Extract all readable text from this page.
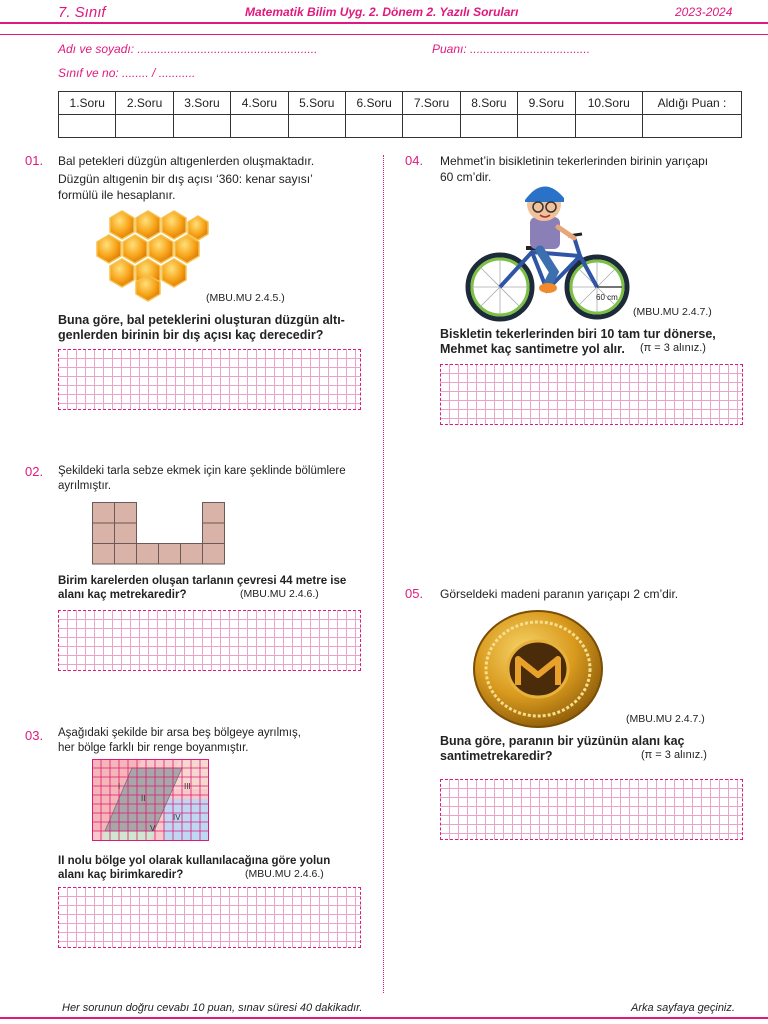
7. Sınıf	Matematik Bilim Uyg. 2. Dönem 2. Yazılı Soruları	2023-2024
Adı ve soyadı: ......................................................	Puanı: ....................................
Sınıf ve no: ........ / ...........
1.Soru	2.Soru	3.Soru	4.Soru	5.Soru	6.Soru	7.Soru	8.Soru	9.Soru	10.Soru	Aldığı Puan :

01. Bal petekleri düzgün altıgenlerden oluşmaktadır.
Düzgün altıgenin bir dış açısı ‘360: kenar sayısı’
formülü ile hesaplanır.
(MBU.MU 2.4.5.)
Buna göre, bal peteklerini oluşturan düzgün altı-
genlerden birinin bir dış açısı kaç derecedir?
02. Şekildeki tarla sebze ekmek için kare şeklinde bölümlere
ayrılmıştır.
Birim karelerden oluşan tarlanın çevresi 44 metre ise
alanı kaç metrekaredir?	(MBU.MU 2.4.6.)
03. Aşağıdaki şekilde bir arsa beş bölgeye ayrılmış,
her bölge farklı bir renge boyanmıştır.
I
II
III
IV
V
II nolu bölge yol olarak kullanılacağına göre yolun
alanı kaç birimkaredir?	(MBU.MU 2.4.6.)
04. Mehmet’in bisikletinin tekerlerinden birinin yarıçapı
60 cm’dir.
60 cm
(MBU.MU 2.4.7.)
Biskletin tekerlerinden biri 10 tam tur dönerse,
Mehmet kaç santimetre yol alır. (π = 3 alınız.)
05. Görseldeki madeni paranın yarıçapı 2 cm’dir.
(MBU.MU 2.4.7.)
Buna göre, paranın bir yüzünün alanı kaç
santimetrekaredir?	(π = 3 alınız.)
Her sorunun doğru cevabı 10 puan, sınav süresi 40 dakikadır.	Arka sayfaya geçiniz.
